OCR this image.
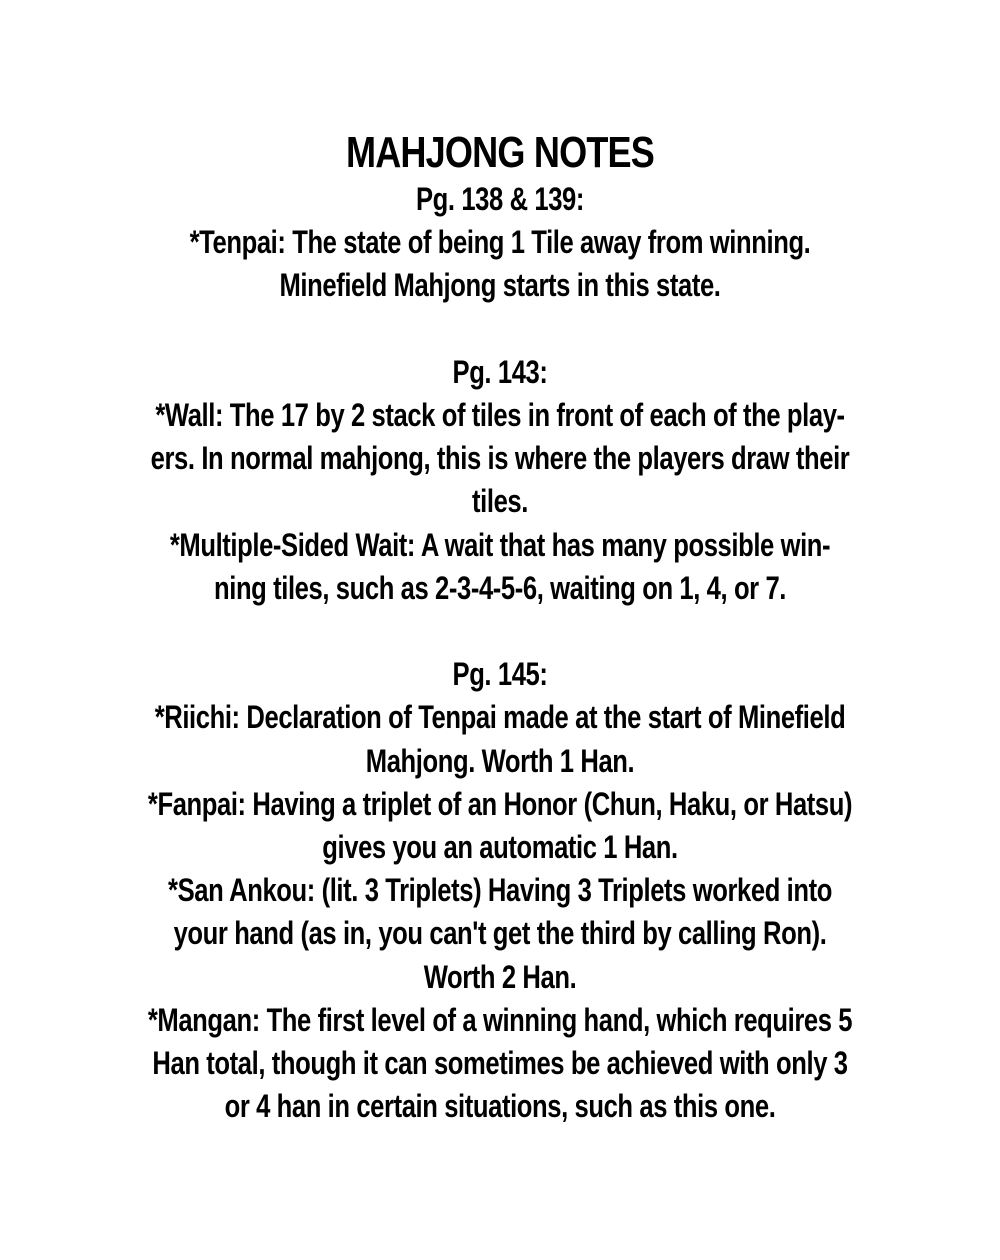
MAHJONG NOTES

Pg. 138 & 139:

*Tenpai: The state of being 1 Tile away from winning.

Minefield Mahjong starts in this state.

Pg. 143:

*Wall: The 17 by 2 stack of tiles in front of each of the play-

ers. In normal mahjong, this is where the players draw their

tiles.

*Multiple-Sided Wait: A wait that has many possible win-

ning tiles, such as 2-3-4-5-6, waiting on 1, 4, or 7.

Pg. 145:

*Riichi: Declaration of Tenpai made at the start of Minefield

Mahjong. Worth 1 Han.

*Fanpai: Having a triplet of an Honor (Chun, Haku, or Hatsu)

gives you an automatic 1 Han.

*San Ankou: (lit. 3 Triplets) Having 3 Triplets worked into

your hand (as in, you can't get the third by calling Ron).

Worth 2 Han.

*Mangan: The first level of a winning hand, which requires 5

Han total, though it can sometimes be achieved with only 3

or 4 han in certain situations, such as this one.
